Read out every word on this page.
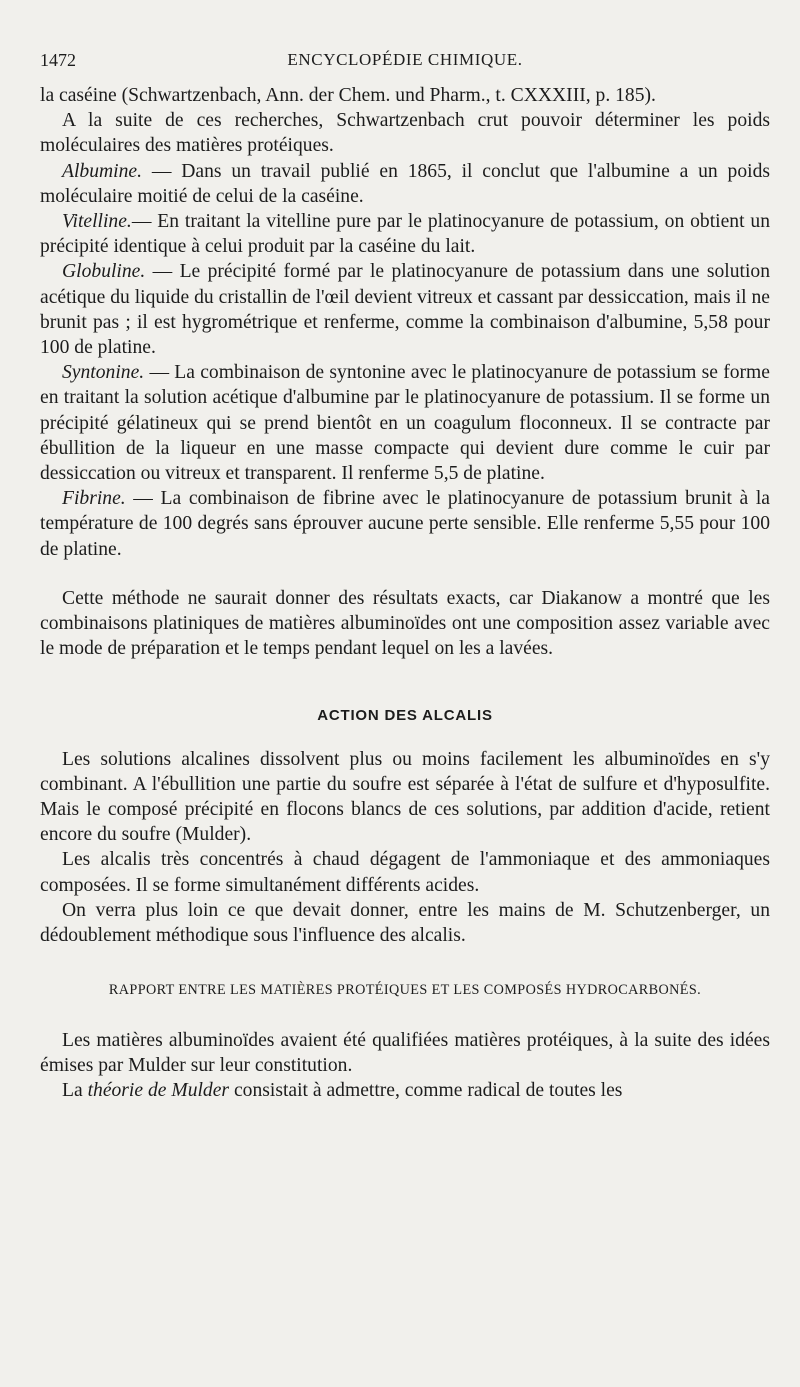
1472	ENCYCLOPÉDIE CHIMIQUE.

la caséine (Schwartzenbach, Ann. der Chem. und Pharm., t. CXXXIII, p. 185).

A la suite de ces recherches, Schwartzenbach crut pouvoir déterminer les poids moléculaires des matières protéiques.

Albumine. — Dans un travail publié en 1865, il conclut que l'albumine a un poids moléculaire moitié de celui de la caséine.

Vitelline.— En traitant la vitelline pure par le platinocyanure de potassium, on obtient un précipité identique à celui produit par la caséine du lait.

Globuline. — Le précipité formé par le platinocyanure de potassium dans une solution acétique du liquide du cristallin de l'œil devient vitreux et cassant par dessiccation, mais il ne brunit pas ; il est hygrométrique et renferme, comme la combinaison d'albumine, 5,58 pour 100 de platine.

Syntonine. — La combinaison de syntonine avec le platinocyanure de potassium se forme en traitant la solution acétique d'albumine par le platinocyanure de potassium. Il se forme un précipité gélatineux qui se prend bientôt en un coagulum floconneux. Il se contracte par ébullition de la liqueur en une masse compacte qui devient dure comme le cuir par dessiccation ou vitreux et transparent. Il renferme 5,5 de platine.

Fibrine. — La combinaison de fibrine avec le platinocyanure de potassium brunit à la température de 100 degrés sans éprouver aucune perte sensible. Elle renferme 5,55 pour 100 de platine.

Cette méthode ne saurait donner des résultats exacts, car Diakanow a montré que les combinaisons platiniques de matières albuminoïdes ont une composition assez variable avec le mode de préparation et le temps pendant lequel on les a lavées.

ACTION DES ALCALIS

Les solutions alcalines dissolvent plus ou moins facilement les albuminoïdes en s'y combinant. A l'ébullition une partie du soufre est séparée à l'état de sulfure et d'hyposulfite. Mais le composé précipité en flocons blancs de ces solutions, par addition d'acide, retient encore du soufre (Mulder).

Les alcalis très concentrés à chaud dégagent de l'ammoniaque et des ammoniaques composées. Il se forme simultanément différents acides.

On verra plus loin ce que devait donner, entre les mains de M. Schutzenberger, un dédoublement méthodique sous l'influence des alcalis.

RAPPORT ENTRE LES MATIÈRES PROTÉIQUES ET LES COMPOSÉS HYDROCARBONÉS.

Les matières albuminoïdes avaient été qualifiées matières protéiques, à la suite des idées émises par Mulder sur leur constitution.

La théorie de Mulder consistait à admettre, comme radical de toutes les
